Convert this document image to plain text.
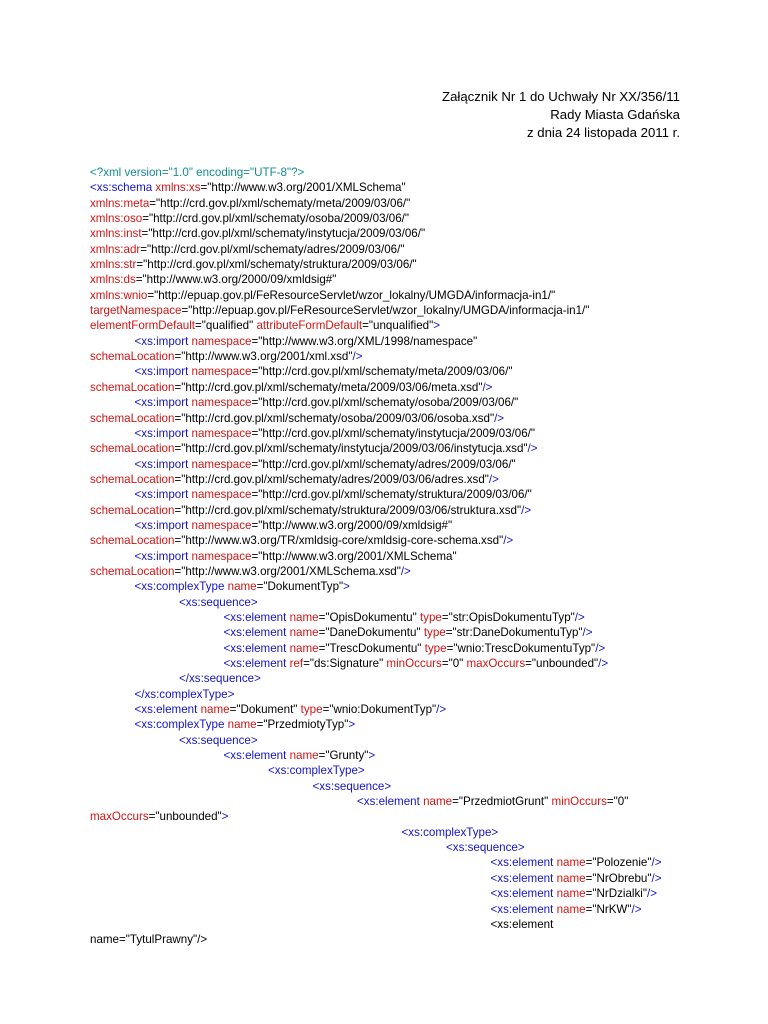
Załącznik Nr 1 do Uchwały Nr XX/356/11
Rady Miasta Gdańska
z dnia 24 listopada 2011 r.
<?xml version="1.0" encoding="UTF-8"?>
<xs:schema xmlns:xs="http://www.w3.org/2001/XMLSchema"
xmlns:meta="http://crd.gov.pl/xml/schematy/meta/2009/03/06/"
xmlns:oso="http://crd.gov.pl/xml/schematy/osoba/2009/03/06/"
xmlns:inst="http://crd.gov.pl/xml/schematy/instytucja/2009/03/06/"
xmlns:adr="http://crd.gov.pl/xml/schematy/adres/2009/03/06/"
xmlns:str="http://crd.gov.pl/xml/schematy/struktura/2009/03/06/"
xmlns:ds="http://www.w3.org/2000/09/xmldsig#"
xmlns:wnio="http://epuap.gov.pl/FeResourceServlet/wzor_lokalny/UMGDA/informacja-in1/"
targetNamespace="http://epuap.gov.pl/FeResourceServlet/wzor_lokalny/UMGDA/informacja-in1/"
elementFormDefault="qualified" attributeFormDefault="unqualified">
<xs:import namespace="http://www.w3.org/XML/1998/namespace"
schemaLocation="http://www.w3.org/2001/xml.xsd"/>
<xs:import namespace="http://crd.gov.pl/xml/schematy/meta/2009/03/06/"
schemaLocation="http://crd.gov.pl/xml/schematy/meta/2009/03/06/meta.xsd"/>
<xs:import namespace="http://crd.gov.pl/xml/schematy/osoba/2009/03/06/"
schemaLocation="http://crd.gov.pl/xml/schematy/osoba/2009/03/06/osoba.xsd"/>
<xs:import namespace="http://crd.gov.pl/xml/schematy/instytucja/2009/03/06/"
schemaLocation="http://crd.gov.pl/xml/schematy/instytucja/2009/03/06/instytucja.xsd"/>
<xs:import namespace="http://crd.gov.pl/xml/schematy/adres/2009/03/06/"
schemaLocation="http://crd.gov.pl/xml/schematy/adres/2009/03/06/adres.xsd"/>
<xs:import namespace="http://crd.gov.pl/xml/schematy/struktura/2009/03/06/"
schemaLocation="http://crd.gov.pl/xml/schematy/struktura/2009/03/06/struktura.xsd"/>
<xs:import namespace="http://www.w3.org/2000/09/xmldsig#"
schemaLocation="http://www.w3.org/TR/xmldsig-core/xmldsig-core-schema.xsd"/>
<xs:import namespace="http://www.w3.org/2001/XMLSchema"
schemaLocation="http://www.w3.org/2001/XMLSchema.xsd"/>
<xs:complexType name="DokumentTyp">
<xs:sequence>
<xs:element name="OpisDokumentu" type="str:OpisDokumentuTyp"/>
<xs:element name="DaneDokumentu" type="str:DaneDokumentuTyp"/>
<xs:element name="TrescDokumentu" type="wnio:TrescDokumentuTyp"/>
<xs:element ref="ds:Signature" minOccurs="0" maxOccurs="unbounded"/>
</xs:sequence>
</xs:complexType>
<xs:element name="Dokument" type="wnio:DokumentTyp"/>
<xs:complexType name="PrzedmiotyTyp">
<xs:sequence>
<xs:element name="Grunty">
<xs:complexType>
<xs:sequence>
<xs:element name="PrzedmiotGrunt" minOccurs="0"
maxOccurs="unbounded">
<xs:complexType>
<xs:sequence>
<xs:element name="Polozenie"/>
<xs:element name="NrObrebu"/>
<xs:element name="NrDzialki"/>
<xs:element name="NrKW"/>
<xs:element
name="TytulPrawny"/>
